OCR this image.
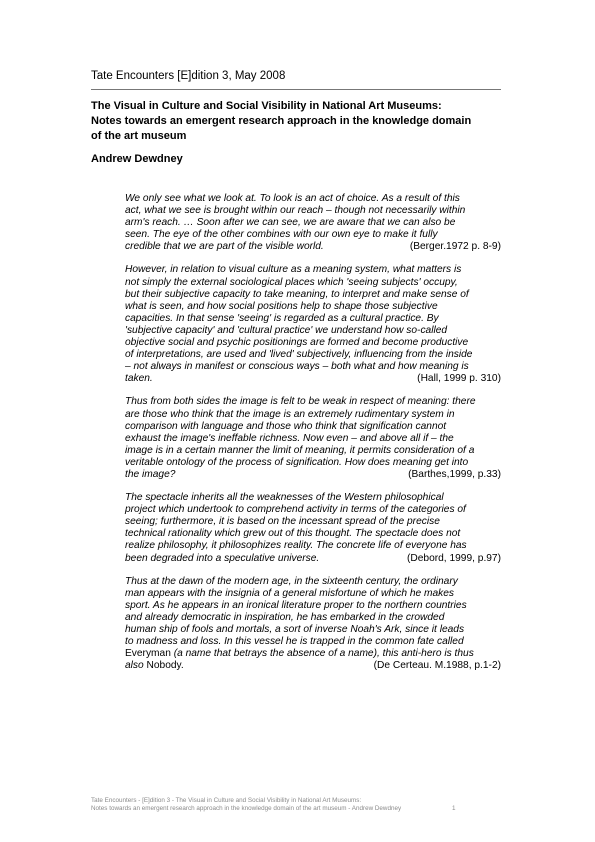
Tate Encounters [E]dition 3, May 2008
The Visual in Culture and Social Visibility in National Art Museums:
Notes towards an emergent research approach in the knowledge domain
of the art museum
Andrew Dewdney
We only see what we look at. To look is an act of choice. As a result of this
act, what we see is brought within our reach – though not necessarily within
arm's reach. … Soon after we can see, we are aware that we can also be
seen. The eye of the other combines with our own eye to make it fully
credible that we are part of the visible world.	(Berger.1972 p. 8-9)
However, in relation to visual culture as a meaning system, what matters is
not simply the external sociological places which 'seeing subjects' occupy,
but their subjective capacity to take meaning, to interpret and make sense of
what is seen, and how social positions help to shape those subjective
capacities. In that sense 'seeing' is regarded as a cultural practice. By
'subjective capacity' and 'cultural practice' we understand how so-called
objective social and psychic positionings are formed and become productive
of interpretations, are used and 'lived' subjectively, influencing from the inside
– not always in manifest or conscious ways – both what and how meaning is
taken.	(Hall, 1999 p. 310)
Thus from both sides the image is felt to be weak in respect of meaning: there
are those who think that the image is an extremely rudimentary system in
comparison with language and those who think that signification cannot
exhaust the image's ineffable richness. Now even – and above all if – the
image is in a certain manner the limit of meaning, it permits consideration of a
veritable ontology of the process of signification. How does meaning get into
the image?	(Barthes,1999, p.33)
The spectacle inherits all the weaknesses of the Western philosophical
project which undertook to comprehend activity in terms of the categories of
seeing; furthermore, it is based on the incessant spread of the precise
technical rationality which grew out of this thought. The spectacle does not
realize philosophy, it philosophizes reality. The concrete life of everyone has
been degraded into a speculative universe.	(Debord, 1999, p.97)
Thus at the dawn of the modern age, in the sixteenth century, the ordinary
man appears with the insignia of a general misfortune of which he makes
sport. As he appears in an ironical literature proper to the northern countries
and already democratic in inspiration, he has embarked in the crowded
human ship of fools and mortals, a sort of inverse Noah's Ark, since it leads
to madness and loss. In this vessel he is trapped in the common fate called
Everyman (a name that betrays the absence of a name), this anti-hero is thus
also Nobody.	(De Certeau. M.1988, p.1-2)
Tate Encounters - [E]dition 3 - The Visual in Culture and Social Visibility in National Art Museums:
Notes towards an emergent research approach in the knowledge domain of the art museum - Andrew Dewdney	1
